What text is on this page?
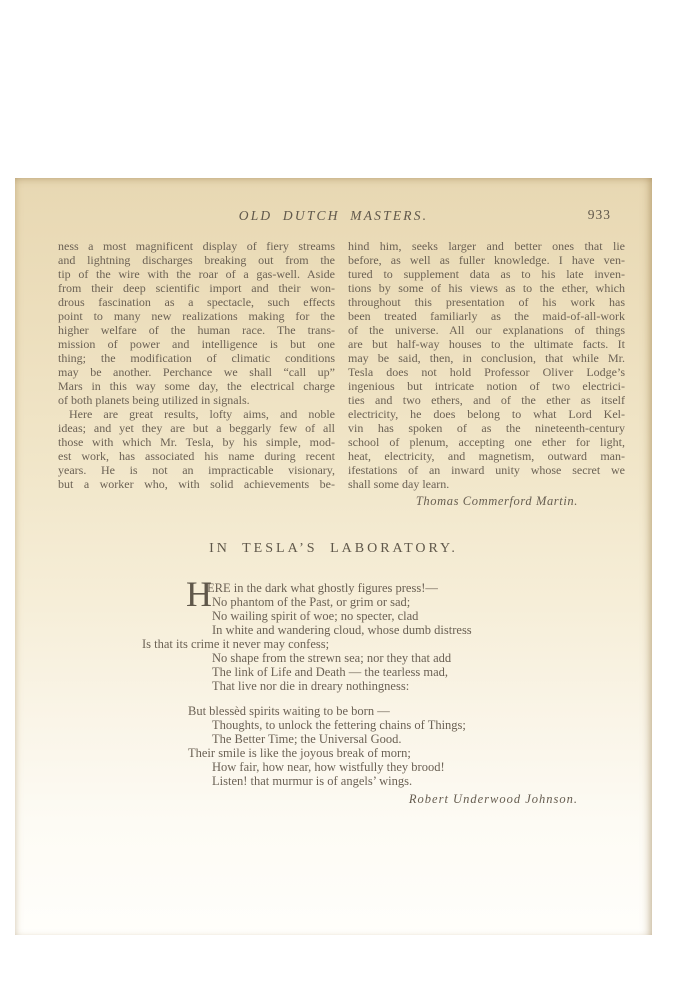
OLD DUTCH MASTERS.	933
ness a most magnificent display of fiery streams
and lightning discharges breaking out from the
tip of the wire with the roar of a gas-well. Aside
from their deep scientific import and their won-
drous fascination as a spectacle, such effects
point to many new realizations making for the
higher welfare of the human race. The trans-
mission of power and intelligence is but one
thing; the modification of climatic conditions
may be another. Perchance we shall “call up”
Mars in this way some day, the electrical charge
of both planets being utilized in signals.
Here are great results, lofty aims, and noble
ideas; and yet they are but a beggarly few of all
those with which Mr. Tesla, by his simple, mod-
est work, has associated his name during recent
years. He is not an impracticable visionary,
but a worker who, with solid achievements be-
hind him, seeks larger and better ones that lie
before, as well as fuller knowledge. I have ven-
tured to supplement data as to his late inven-
tions by some of his views as to the ether, which
throughout this presentation of his work has
been treated familiarly as the maid-of-all-work
of the universe. All our explanations of things
are but half-way houses to the ultimate facts. It
may be said, then, in conclusion, that while Mr.
Tesla does not hold Professor Oliver Lodge’s
ingenious but intricate notion of two electrici-
ties and two ethers, and of the ether as itself
electricity, he does belong to what Lord Kel-
vin has spoken of as the nineteenth-century
school of plenum, accepting one ether for light,
heat, electricity, and magnetism, outward man-
ifestations of an inward unity whose secret we
shall some day learn.
Thomas Commerford Martin.
IN TESLA’S LABORATORY.
H
ERE in the dark what ghostly figures press!—
No phantom of the Past, or grim or sad;
No wailing spirit of woe; no specter, clad
In white and wandering cloud, whose dumb distress
Is that its crime it never may confess;
No shape from the strewn sea; nor they that add
The link of Life and Death — the tearless mad,
That live nor die in dreary nothingness:
But blessèd spirits waiting to be born —
Thoughts, to unlock the fettering chains of Things;
The Better Time; the Universal Good.
Their smile is like the joyous break of morn;
How fair, how near, how wistfully they brood!
Listen! that murmur is of angels’ wings.
Robert Underwood Johnson.
